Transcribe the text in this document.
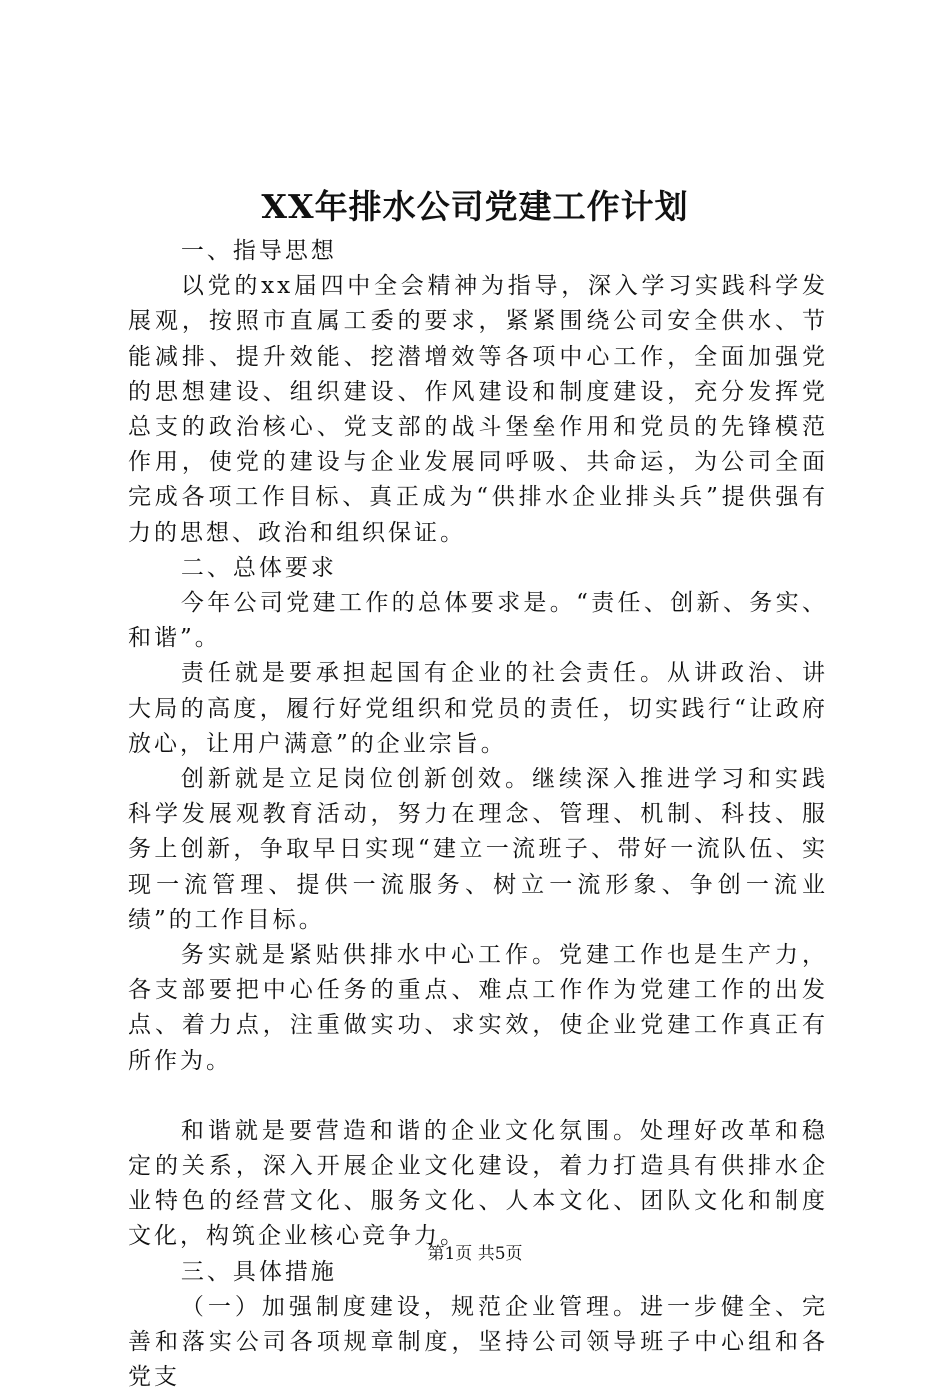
XX年排水公司党建工作计划

一、指导思想

以党的xx届四中全会精神为指导，深入学习实践科学发展观，按照市直属工委的要求，紧紧围绕公司安全供水、节能减排、提升效能、挖潜增效等各项中心工作，全面加强党的思想建设、组织建设、作风建设和制度建设，充分发挥党总支的政治核心、党支部的战斗堡垒作用和党员的先锋模范作用，使党的建设与企业发展同呼吸、共命运，为公司全面完成各项工作目标、真正成为“供排水企业排头兵”提供强有力的思想、政治和组织保证。

二、总体要求

今年公司党建工作的总体要求是。“责任、创新、务实、和谐”。

责任就是要承担起国有企业的社会责任。从讲政治、讲大局的高度，履行好党组织和党员的责任，切实践行“让政府放心，让用户满意”的企业宗旨。

创新就是立足岗位创新创效。继续深入推进学习和实践科学发展观教育活动，努力在理念、管理、机制、科技、服务上创新，争取早日实现“建立一流班子、带好一流队伍、实现一流管理、提供一流服务、树立一流形象、争创一流业绩”的工作目标。

务实就是紧贴供排水中心工作。党建工作也是生产力，各支部要把中心任务的重点、难点工作作为党建工作的出发点、着力点，注重做实功、求实效，使企业党建工作真正有所作为。

和谐就是要营造和谐的企业文化氛围。处理好改革和稳定的关系，深入开展企业文化建设，着力打造具有供排水企业特色的经营文化、服务文化、人本文化、团队文化和制度文化，构筑企业核心竞争力。

三、具体措施

（一）加强制度建设，规范企业管理。进一步健全、完善和落实公司各项规章制度，坚持公司领导班子中心组和各党支

第1页 共5页
